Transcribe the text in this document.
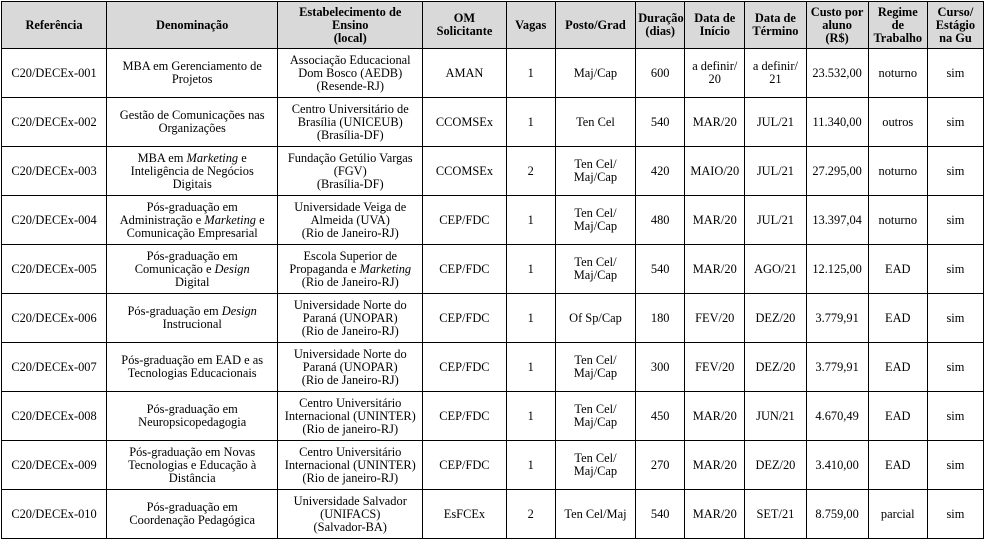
Referência	Denominação	Estabelecimento de
Ensino
(local)	OM
Solicitante	Vagas	Posto/Grad	Duração
(dias)	Data de
Início	Data de
Término	Custo por
aluno
(R$)	Regime
de
Trabalho	Curso/
Estágio
na Gu

C20/DECEx-001	MBA em Gerenciamento de
Projetos	Associação Educacional
Dom Bosco (AEDB)
(Resende-RJ)	AMAN	1	Maj/Cap	600	a definir/
20	a definir/
21	23.532,00	noturno	sim
C20/DECEx-002	Gestão de Comunicações nas
Organizações	Centro Universitário de
Brasília (UNICEUB)
(Brasília-DF)	CCOMSEx	1	Ten Cel	540	MAR/20	JUL/21	11.340,00	outros	sim
C20/DECEx-003	MBA em Marketing e
Inteligência de Negócios
Digitais	Fundação Getúlio Vargas
(FGV)
(Brasília-DF)	CCOMSEx	2	Ten Cel/
Maj/Cap	420	MAIO/20	JUL/21	27.295,00	noturno	sim
C20/DECEx-004	Pós-graduação em
Administração e Marketing e
Comunicação Empresarial	Universidade Veiga de
Almeida (UVA)
(Rio de Janeiro-RJ)	CEP/FDC	1	Ten Cel/
Maj/Cap	480	MAR/20	JUL/21	13.397,04	noturno	sim
C20/DECEx-005	Pós-graduação em
Comunicação e Design
Digital	Escola Superior de
Propaganda e Marketing
(Rio de Janeiro-RJ)	CEP/FDC	1	Ten Cel/
Maj/Cap	540	MAR/20	AGO/21	12.125,00	EAD	sim
C20/DECEx-006	Pós-graduação em Design
Instrucional	Universidade Norte do
Paraná (UNOPAR)
(Rio de Janeiro-RJ)	CEP/FDC	1	Of Sp/Cap	180	FEV/20	DEZ/20	3.779,91	EAD	sim
C20/DECEx-007	Pós-graduação em EAD e as
Tecnologias Educacionais	Universidade Norte do
Paraná (UNOPAR)
(Rio de Janeiro-RJ)	CEP/FDC	1	Ten Cel/
Maj/Cap	300	FEV/20	DEZ/20	3.779,91	EAD	sim
C20/DECEx-008	Pós-graduação em
Neuropsicopedagogia	Centro Universitário
Internacional (UNINTER)
(Rio de janeiro-RJ)	CEP/FDC	1	Ten Cel/
Maj/Cap	450	MAR/20	JUN/21	4.670,49	EAD	sim
C20/DECEx-009	Pós-graduação em Novas
Tecnologias e Educação à
Distância	Centro Universitário
Internacional (UNINTER)
(Rio de janeiro-RJ)	CEP/FDC	1	Ten Cel/
Maj/Cap	270	MAR/20	DEZ/20	3.410,00	EAD	sim
C20/DECEx-010	Pós-graduação em
Coordenação Pedagógica	Universidade Salvador
(UNIFACS)
(Salvador-BA)	EsFCEx	2	Ten Cel/Maj	540	MAR/20	SET/21	8.759,00	parcial	sim
